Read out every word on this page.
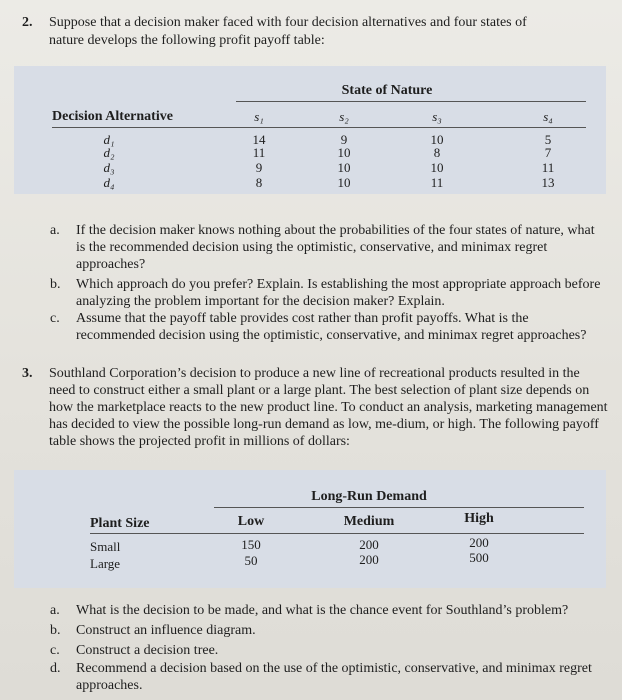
2. Suppose that a decision maker faced with four decision alternatives and four states of
nature develops the following profit payoff table:
State of Nature
Decision Alternative	s₁	s₂	s₃	s₄
d₁	14	9	10	5
d₂	11	10	8	7
d₃	9	10	10	11
d₄	8	10	11	13
a. If the decision maker knows nothing about the probabilities of the four states of nature, what is the recommended decision using the optimistic, conservative, and minimax regret approaches?
b. Which approach do you prefer? Explain. Is establishing the most appropriate approach before analyzing the problem important for the decision maker? Explain.
c. Assume that the payoff table provides cost rather than profit payoffs. What is the recommended decision using the optimistic, conservative, and minimax regret approaches?
3. Southland Corporation’s decision to produce a new line of recreational products resulted in the need to construct either a small plant or a large plant. The best selection of plant size depends on how the marketplace reacts to the new product line. To conduct an analysis, marketing management has decided to view the possible long-run demand as low, me-dium, or high. The following payoff table shows the projected profit in millions of dollars:
Long-Run Demand
Plant Size	Low	Medium	High
Small	150	200	200
Large	50	200	500
a. What is the decision to be made, and what is the chance event for Southland’s problem?
b. Construct an influence diagram.
c. Construct a decision tree.
d. Recommend a decision based on the use of the optimistic, conservative, and minimax regret approaches.
